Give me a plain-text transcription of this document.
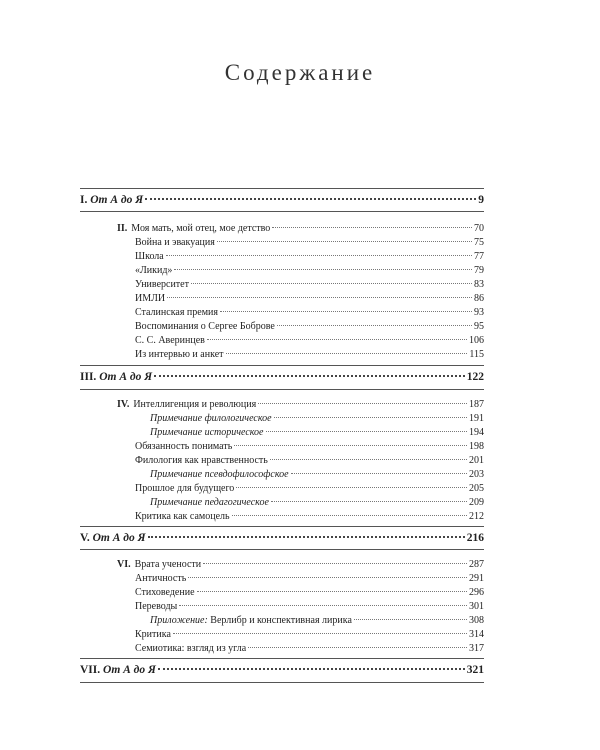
Содержание
I. От А до Я	9
II. Моя мать, мой отец, мое детство	70
Война и эвакуация	75
Школа	77
«Ликид»	79
Университет	83
ИМЛИ	86
Сталинская премия	93
Воспоминания о Сергее Боброве	95
С. С. Аверинцев	106
Из интервью и анкет	115
III. От А до Я	122
IV. Интеллигенция и революция	187
Примечание филологическое	191
Примечание историческое	194
Обязанность понимать	198
Филология как нравственность	201
Примечание псевдофилософское	203
Прошлое для будущего	205
Примечание педагогическое	209
Критика как самоцель	212
V. От А до Я	216
VI. Врата учености	287
Античность	291
Стиховедение	296
Переводы	301
Приложение: Верлибр и конспективная лирика	308
Критика	314
Семиотика: взгляд из угла	317
VII. От А до Я	321
